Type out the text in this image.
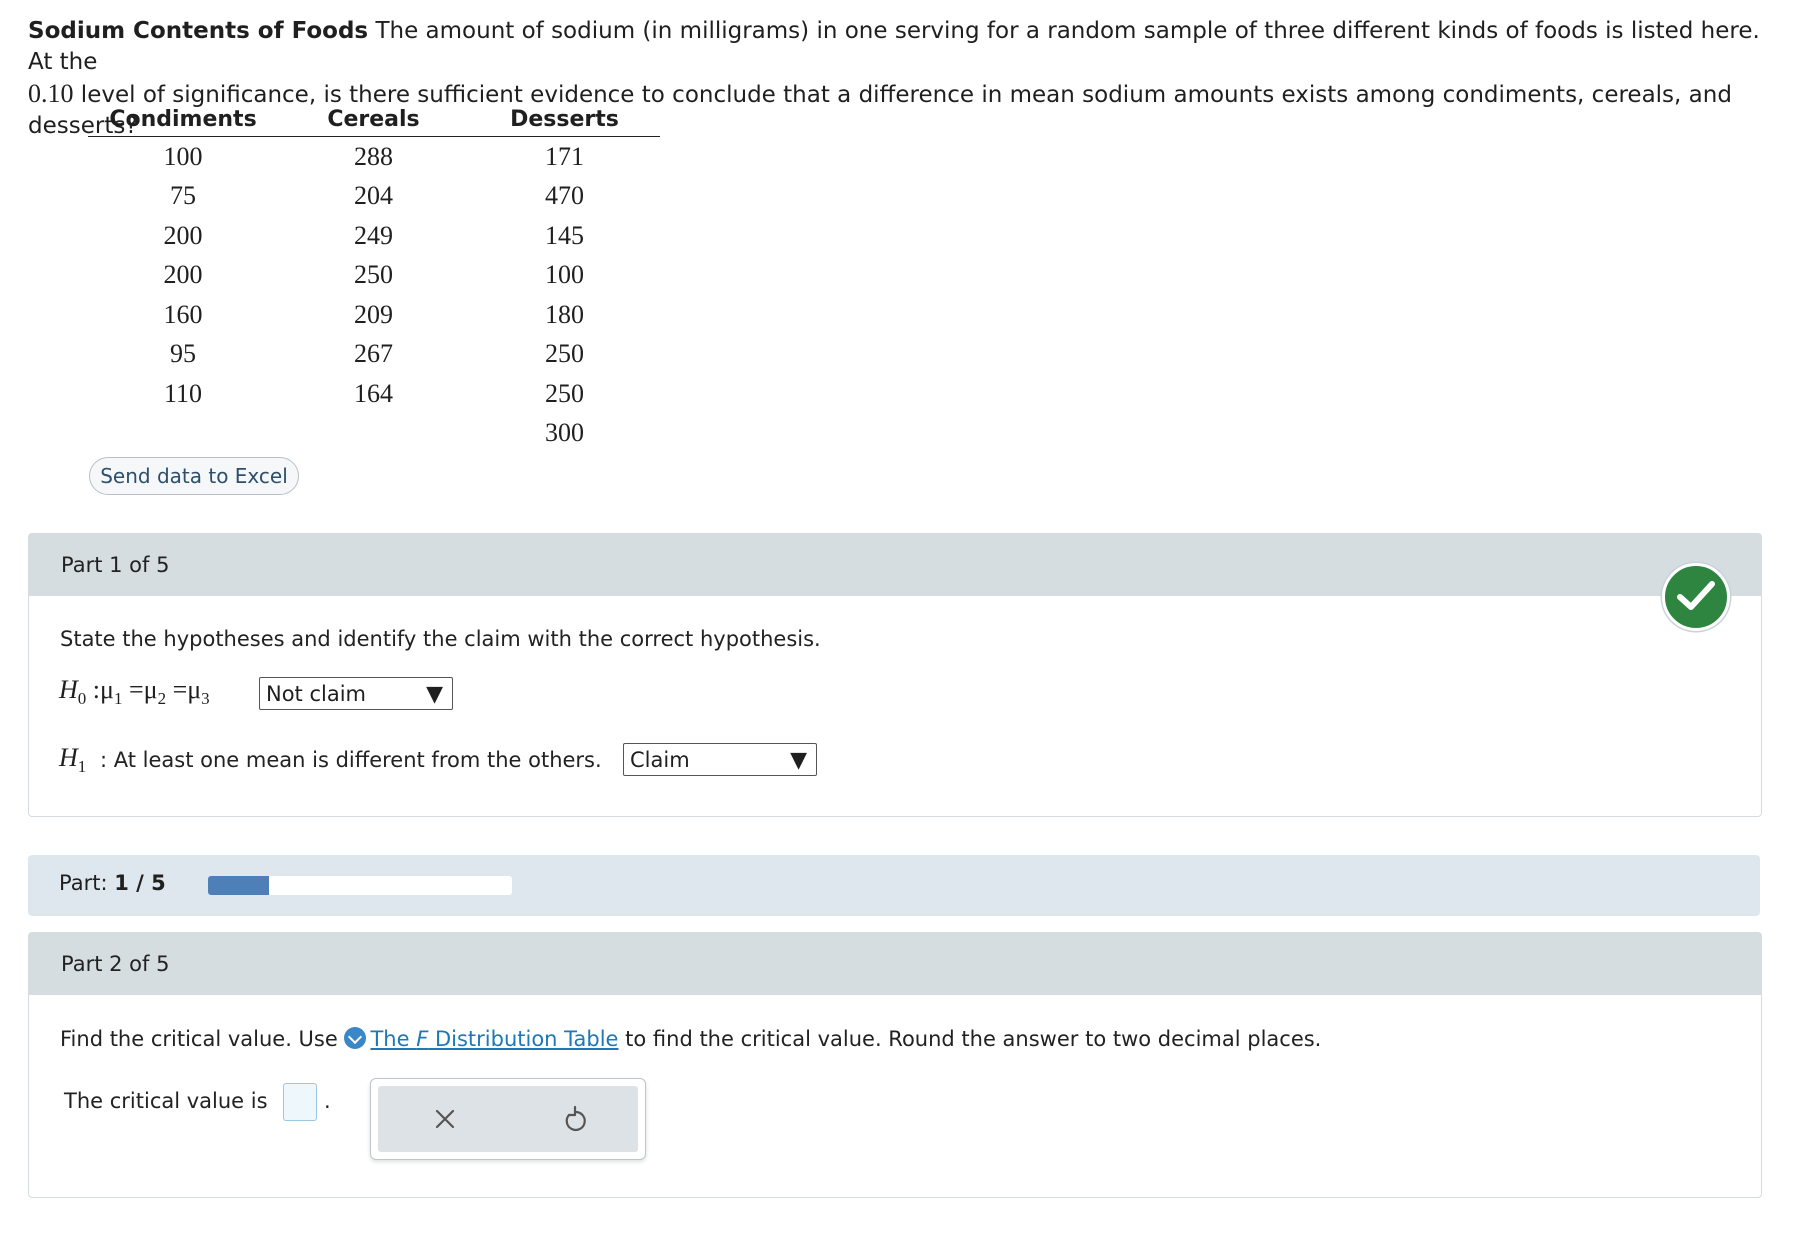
Sodium Contents of Foods The amount of sodium (in milligrams) in one serving for a random sample of three different kinds of foods is listed here. At the
0.10 level of significance, is there sufficient evidence to conclude that a difference in mean sodium amounts exists among condiments, cereals, and desserts?
Condiments	Cereals	Desserts
100	288	171
75	204	470
200	249	145
200	250	100
160	209	180
95	267	250
110	164	250
		300
Send data to Excel
Part 1 of 5
State the hypotheses and identify the claim with the correct hypothesis.
$H_0$ $:\mu_1 =\mu_2 =\mu_3$	Not claim	▼
$H_1$ : At least one mean is different from the others.	Claim	▼
Part: 1 / 5
Part 2 of 5
Find the critical value. Use The F Distribution Table to find the critical value. Round the answer to two decimal places.
The critical value is	.
